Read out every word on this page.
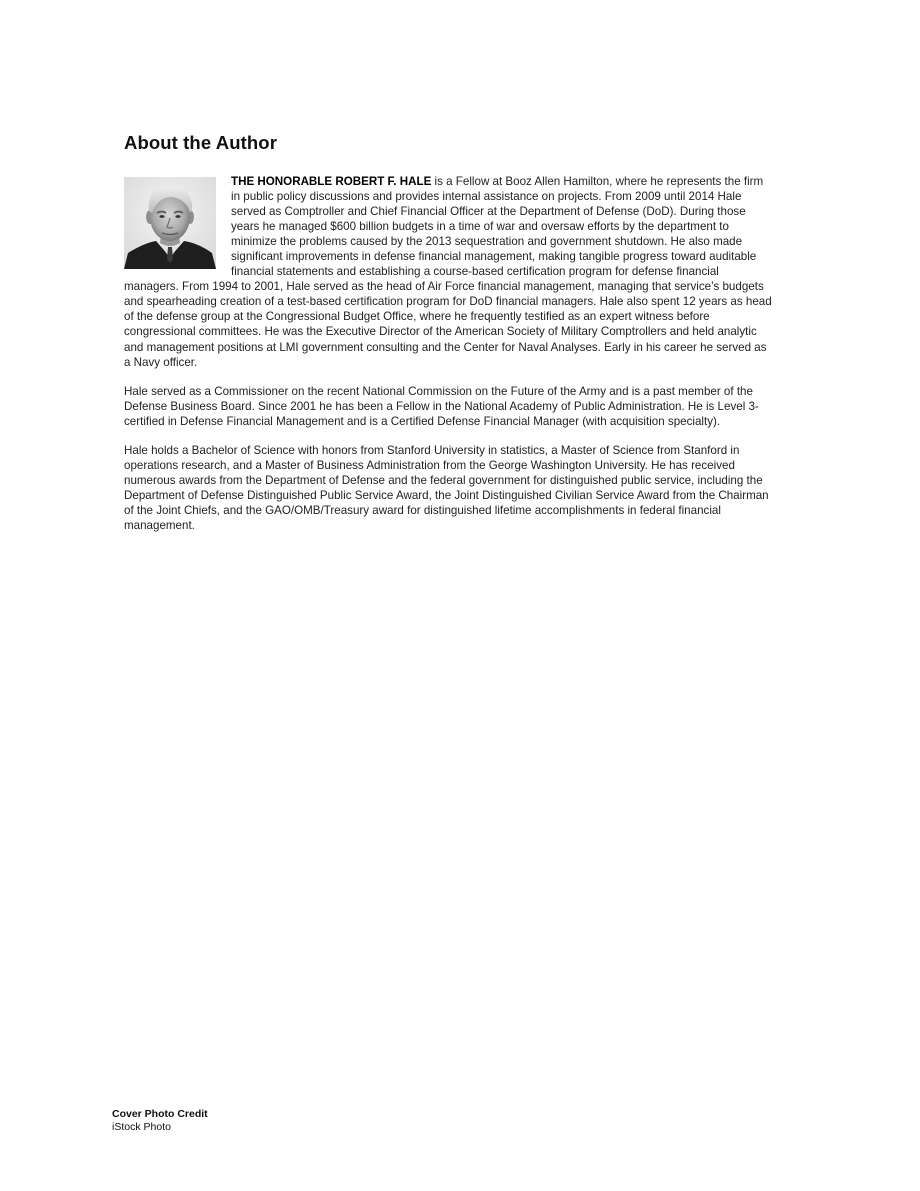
About the Author

THE HONORABLE ROBERT F. HALE is a Fellow at Booz Allen Hamilton, where he represents the firm in public policy discussions and provides internal assistance on projects. From 2009 until 2014 Hale served as Comptroller and Chief Financial Officer at the Department of Defense (DoD). During those years he managed $600 billion budgets in a time of war and oversaw efforts by the department to minimize the problems caused by the 2013 sequestration and government shutdown. He also made significant improvements in defense financial management, making tangible progress toward auditable financial statements and establishing a course-based certification program for defense financial managers. From 1994 to 2001, Hale served as the head of Air Force financial management, managing that service’s budgets and spearheading creation of a test-based certification program for DoD financial managers. Hale also spent 12 years as head of the defense group at the Congressional Budget Office, where he frequently testified as an expert witness before congressional committees. He was the Executive Director of the American Society of Military Comptrollers and held analytic and management positions at LMI government consulting and the Center for Naval Analyses. Early in his career he served as a Navy officer.

Hale served as a Commissioner on the recent National Commission on the Future of the Army and is a past member of the Defense Business Board. Since 2001 he has been a Fellow in the National Academy of Public Administration. He is Level 3-certified in Defense Financial Management and is a Certified Defense Financial Manager (with acquisition specialty).

Hale holds a Bachelor of Science with honors from Stanford University in statistics, a Master of Science from Stanford in operations research, and a Master of Business Administration from the George Washington University. He has received numerous awards from the Department of Defense and the federal government for distinguished public service, including the Department of Defense Distinguished Public Service Award, the Joint Distinguished Civilian Service Award from the Chairman of the Joint Chiefs, and the GAO/OMB/Treasury award for distinguished lifetime accomplishments in federal financial management.

Cover Photo Credit
iStock Photo
